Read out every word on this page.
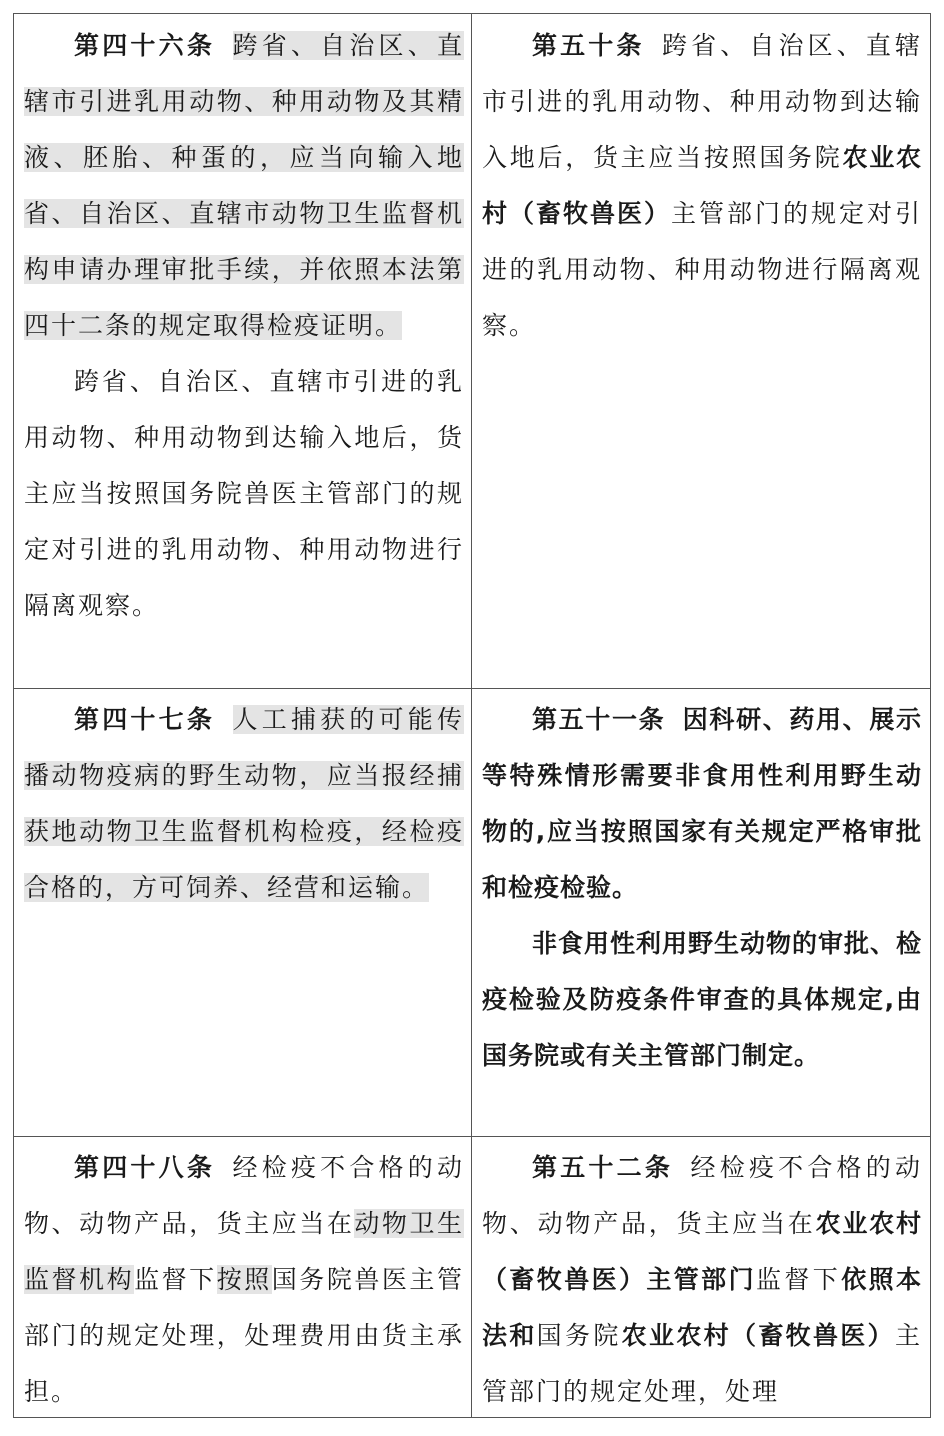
第四十六条 跨省、自治区、直辖市引进乳用动物、种用动物及其精液、胚胎、种蛋的，应当向输入地省、自治区、直辖市动物卫生监督机构申请办理审批手续，并依照本法第四十二条的规定取得检疫证明。

跨省、自治区、直辖市引进的乳用动物、种用动物到达输入地后，货主应当按照国务院兽医主管部门的规定对引进的乳用动物、种用动物进行隔离观察。

第五十条 跨省、自治区、直辖市引进的乳用动物、种用动物到达输入地后，货主应当按照国务院农业农村（畜牧兽医）主管部门的规定对引进的乳用动物、种用动物进行隔离观察。

第四十七条 人工捕获的可能传播动物疫病的野生动物，应当报经捕获地动物卫生监督机构检疫，经检疫合格的，方可饲养、经营和运输。

第五十一条 因科研、药用、展示等特殊情形需要非食用性利用野生动物的,应当按照国家有关规定严格审批和检疫检验。

非食用性利用野生动物的审批、检疫检验及防疫条件审查的具体规定,由国务院或有关主管部门制定。

第四十八条 经检疫不合格的动物、动物产品，货主应当在动物卫生监督机构监督下按照国务院兽医主管部门的规定处理，处理费用由货主承担。

第五十二条 经检疫不合格的动物、动物产品，货主应当在农业农村（畜牧兽医）主管部门监督下依照本法和国务院农业农村（畜牧兽医）主管部门的规定处理，处理
